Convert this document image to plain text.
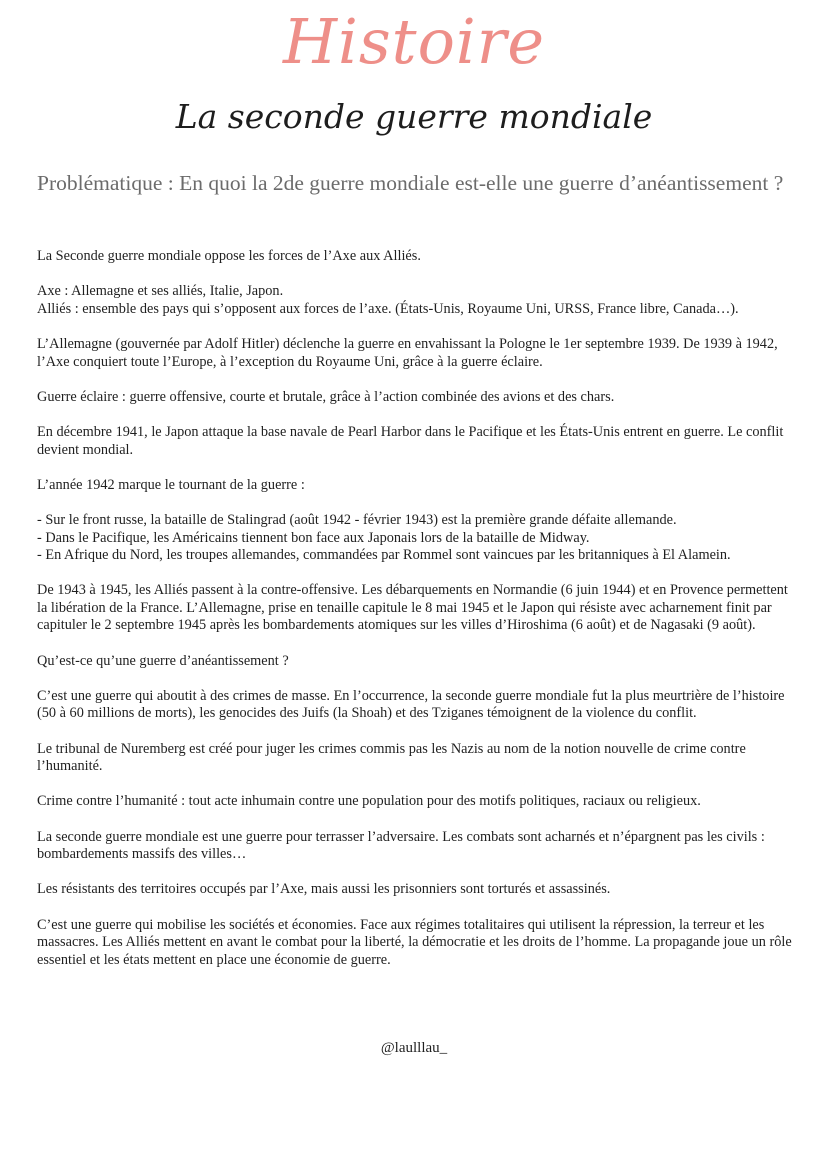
Histoire
La seconde guerre mondiale
Problématique : En quoi la 2de guerre mondiale est-elle une guerre d’anéantissement ?

La Seconde guerre mondiale oppose les forces de l’Axe aux Alliés.

Axe : Allemagne et ses alliés, Italie, Japon.

Alliés : ensemble des pays qui s’opposent aux forces de l’axe. (États-Unis, Royaume Uni, URSS, France libre, Canada…).

L’Allemagne (gouvernée par Adolf Hitler) déclenche la guerre en envahissant la Pologne le 1er septembre 1939. De 1939 à 1942, l’Axe conquiert toute l’Europe, à l’exception du Royaume Uni, grâce à la guerre éclaire.

Guerre éclaire : guerre offensive, courte et brutale, grâce à l’action combinée des avions et des chars.

En décembre 1941, le Japon attaque la base navale de Pearl Harbor dans le Pacifique et les États-Unis entrent en guerre. Le conflit devient mondial.

L’année 1942 marque le tournant de la guerre :

- Sur le front russe, la bataille de Stalingrad (août 1942 - février 1943) est la première grande défaite allemande.
- Dans le Pacifique, les Américains tiennent bon face aux Japonais lors de la bataille de Midway.
- En Afrique du Nord, les troupes allemandes, commandées par Rommel sont vaincues par les britanniques à El Alamein.

De 1943 à 1945, les Alliés passent à la contre-offensive. Les débarquements en Normandie (6 juin 1944) et en Provence permettent la libération de la France. L’Allemagne, prise en tenaille capitule le 8 mai 1945 et le Japon qui résiste avec acharnement finit par capituler le 2 septembre 1945 après les bombardements atomiques sur les villes d’Hiroshima (6 août) et de Nagasaki (9 août).

Qu’est-ce qu’une guerre d’anéantissement ?

C’est une guerre qui aboutit à des crimes de masse. En l’occurrence, la seconde guerre mondiale fut la plus meurtrière de l’histoire (50 à 60 millions de morts), les genocides des Juifs (la Shoah) et des Tziganes témoignent de la violence du conflit.

Le tribunal de Nuremberg est créé pour juger les crimes commis pas les Nazis au nom de la notion nouvelle de crime contre l’humanité.

Crime contre l’humanité : tout acte inhumain contre une population pour des motifs politiques, raciaux ou religieux.

La seconde guerre mondiale est une guerre pour terrasser l’adversaire. Les combats sont acharnés et n’épargnent pas les civils : bombardements massifs des villes…

Les résistants des territoires occupés par l’Axe, mais aussi les prisonniers sont torturés et assassinés.

C’est une guerre qui mobilise les sociétés et économies. Face aux régimes totalitaires qui utilisent la répression, la terreur et les massacres. Les Alliés mettent en avant le combat pour la liberté, la démocratie et les droits de l’homme. La propagande joue un rôle essentiel et les états mettent en place une économie de guerre.

@laulllau_
